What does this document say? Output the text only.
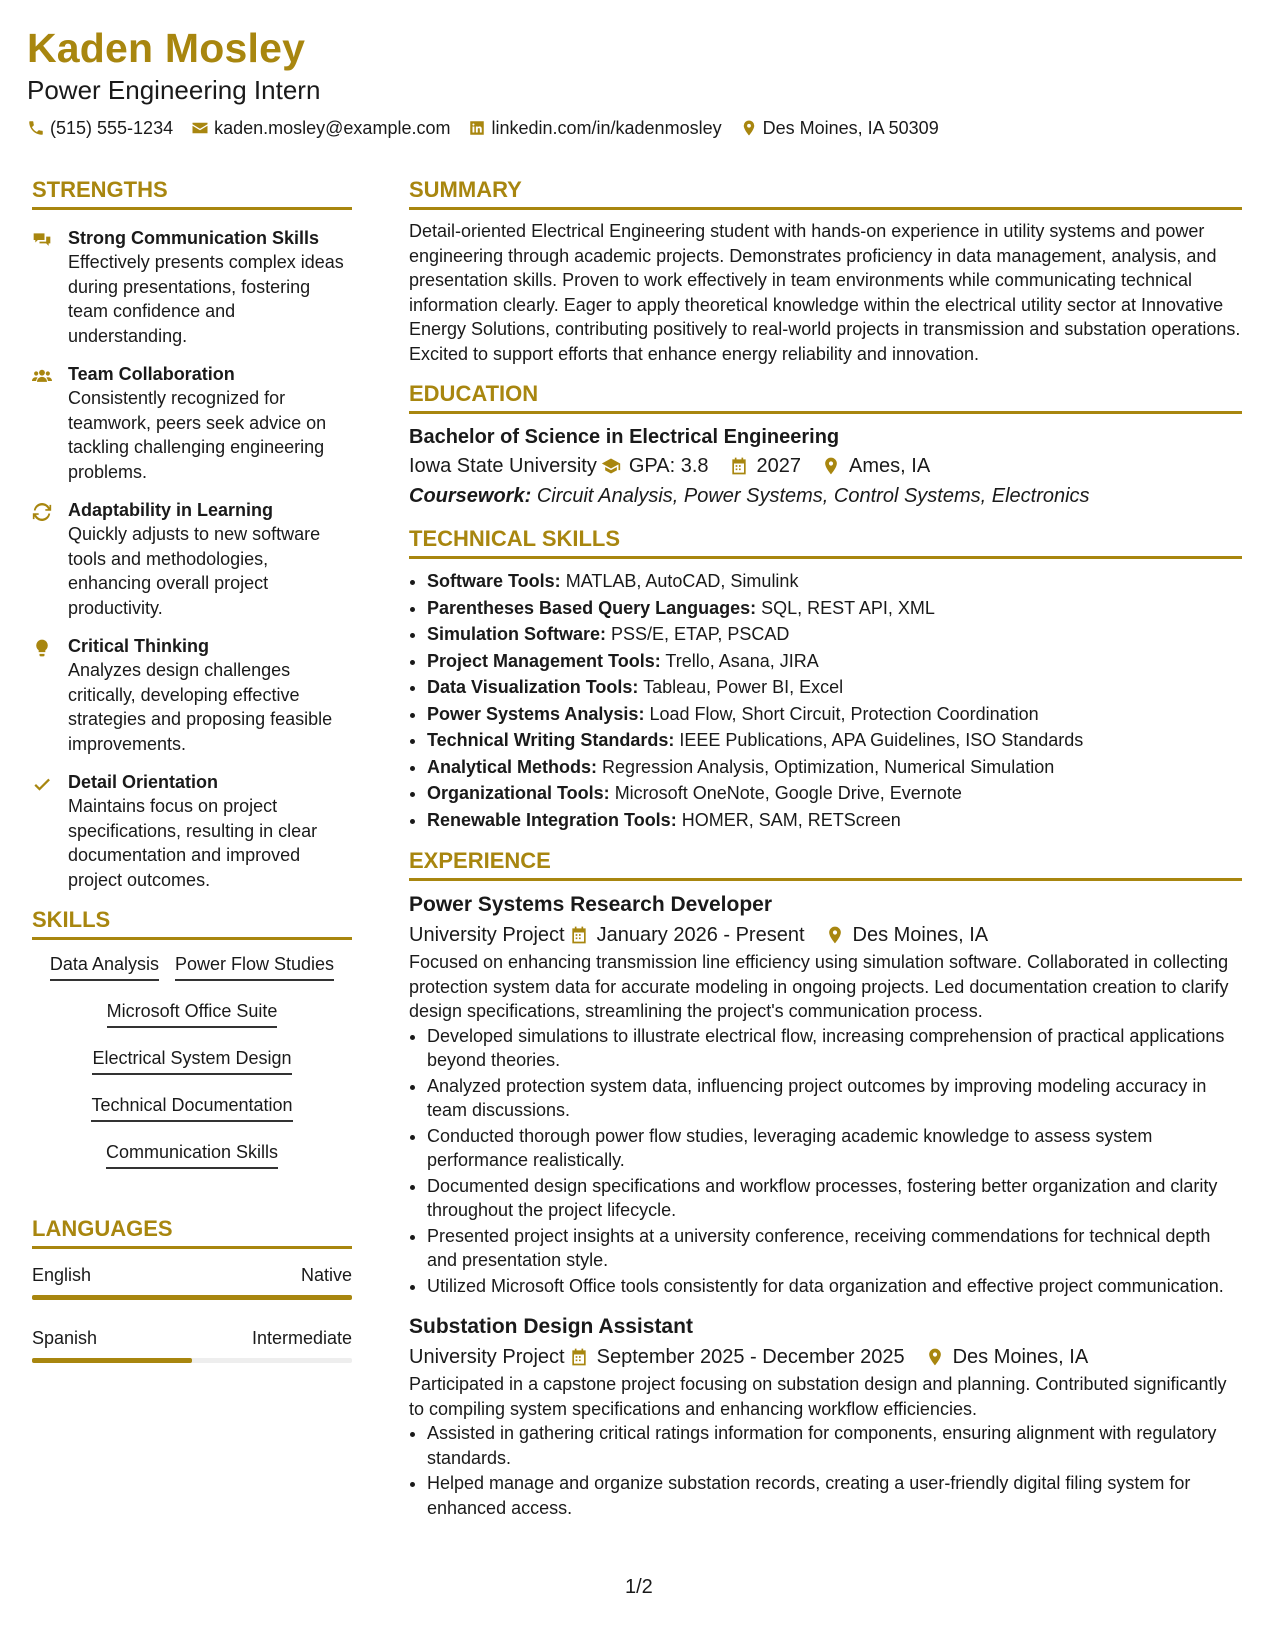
Kaden Mosley
Power Engineering Intern
(515) 555-1234 kaden.mosley@example.com linkedin.com/in/kadenmosley Des Moines, IA 50309
STRENGTHS
Strong Communication Skills
Effectively presents complex ideas during presentations, fostering team confidence and understanding.
Team Collaboration
Consistently recognized for teamwork, peers seek advice on tackling challenging engineering problems.
Adaptability in Learning
Quickly adjusts to new software tools and methodologies, enhancing overall project productivity.
Critical Thinking
Analyzes design challenges critically, developing effective strategies and proposing feasible improvements.
Detail Orientation
Maintains focus on project specifications, resulting in clear documentation and improved project outcomes.
SKILLS
Data Analysis Power Flow Studies
Microsoft Office Suite
Electrical System Design
Technical Documentation
Communication Skills
LANGUAGES
English	Native
Spanish	Intermediate
SUMMARY

Detail-oriented Electrical Engineering student with hands-on experience in utility systems and power engineering through academic projects. Demonstrates proficiency in data management, analysis, and presentation skills. Proven to work effectively in team environments while communicating technical information clearly. Eager to apply theoretical knowledge within the electrical utility sector at Innovative Energy Solutions, contributing positively to real-world projects in transmission and substation operations. Excited to support efforts that enhance energy reliability and innovation.

EDUCATION
Bachelor of Science in Electrical Engineering
Iowa State University GPA: 3.8 2027 Ames, IA
Coursework: Circuit Analysis, Power Systems, Control Systems, Electronics
TECHNICAL SKILLS
• Software Tools: MATLAB, AutoCAD, Simulink
• Parentheses Based Query Languages: SQL, REST API, XML
• Simulation Software: PSS/E, ETAP, PSCAD
• Project Management Tools: Trello, Asana, JIRA
• Data Visualization Tools: Tableau, Power BI, Excel
• Power Systems Analysis: Load Flow, Short Circuit, Protection Coordination
• Technical Writing Standards: IEEE Publications, APA Guidelines, ISO Standards
• Analytical Methods: Regression Analysis, Optimization, Numerical Simulation
• Organizational Tools: Microsoft OneNote, Google Drive, Evernote
• Renewable Integration Tools: HOMER, SAM, RETScreen
EXPERIENCE
Power Systems Research Developer
University Project January 2026 - Present Des Moines, IA

Focused on enhancing transmission line efficiency using simulation software. Collaborated in collecting protection system data for accurate modeling in ongoing projects. Led documentation creation to clarify design specifications, streamlining the project's communication process.

• Developed simulations to illustrate electrical flow, increasing comprehension of practical applications beyond theories.
• Analyzed protection system data, influencing project outcomes by improving modeling accuracy in team discussions.
• Conducted thorough power flow studies, leveraging academic knowledge to assess system performance realistically.
• Documented design specifications and workflow processes, fostering better organization and clarity throughout the project lifecycle.
• Presented project insights at a university conference, receiving commendations for technical depth and presentation style.
• Utilized Microsoft Office tools consistently for data organization and effective project communication.
Substation Design Assistant
University Project September 2025 - December 2025 Des Moines, IA

Participated in a capstone project focusing on substation design and planning. Contributed significantly to compiling system specifications and enhancing workflow efficiencies.

• Assisted in gathering critical ratings information for components, ensuring alignment with regulatory standards.
• Helped manage and organize substation records, creating a user-friendly digital filing system for enhanced access.
1/2
